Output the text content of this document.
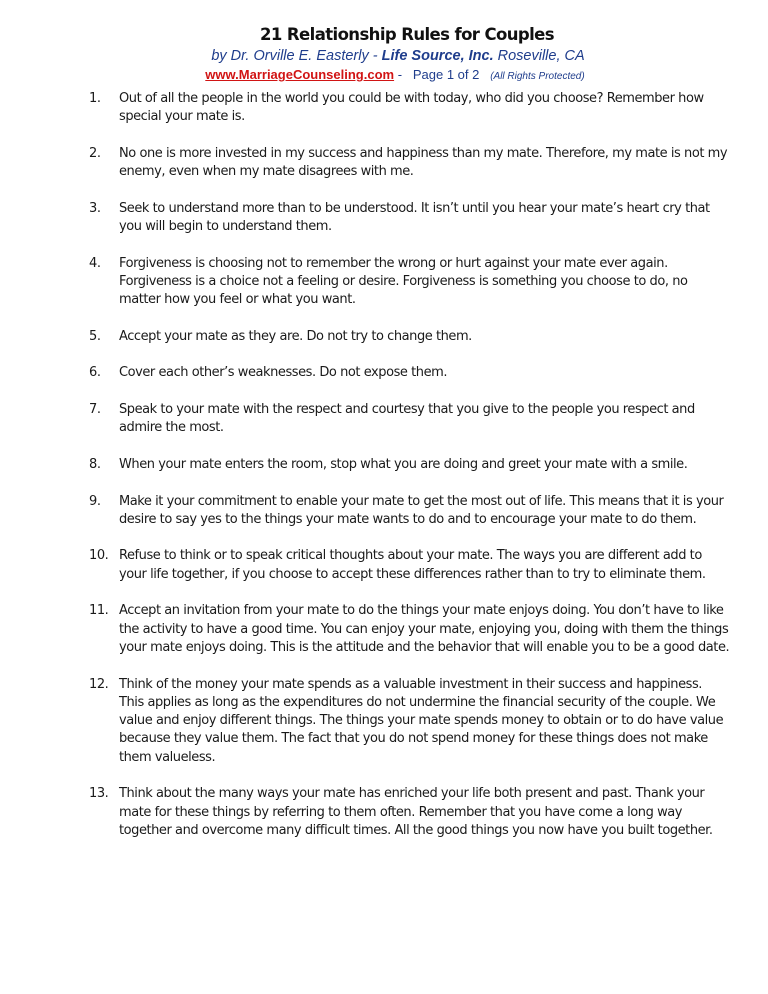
21 Relationship Rules for Couples
by Dr. Orville E. Easterly - Life Source, Inc. Roseville, CA
www.MarriageCounseling.com -   Page 1 of 2 (All Rights Protected)
1. Out of all the people in the world you could be with today, who did you choose? Remember how special your mate is.
2. No one is more invested in my success and happiness than my mate. Therefore, my mate is not my enemy, even when my mate disagrees with me.
3. Seek to understand more than to be understood. It isn’t until you hear your mate’s heart cry that you will begin to understand them.
4. Forgiveness is choosing not to remember the wrong or hurt against your mate ever again. Forgiveness is a choice not a feeling or desire. Forgiveness is something you choose to do, no matter how you feel or what you want.
5. Accept your mate as they are. Do not try to change them.
6. Cover each other’s weaknesses. Do not expose them.
7. Speak to your mate with the respect and courtesy that you give to the people you respect and admire the most.
8. When your mate enters the room, stop what you are doing and greet your mate with a smile.
9. Make it your commitment to enable your mate to get the most out of life. This means that it is your desire to say yes to the things your mate wants to do and to encourage your mate to do them.
10. Refuse to think or to speak critical thoughts about your mate. The ways you are different add to your life together, if you choose to accept these differences rather than to try to eliminate them.
11. Accept an invitation from your mate to do the things your mate enjoys doing. You don’t have to like the activity to have a good time. You can enjoy your mate, enjoying you, doing with them the things your mate enjoys doing. This is the attitude and the behavior that will enable you to be a good date.
12. Think of the money your mate spends as a valuable investment in their success and happiness. This applies as long as the expenditures do not undermine the financial security of the couple. We value and enjoy different things. The things your mate spends money to obtain or to do have value because they value them. The fact that you do not spend money for these things does not make them valueless.
13. Think about the many ways your mate has enriched your life both present and past. Thank your mate for these things by referring to them often. Remember that you have come a long way together and overcome many difficult times. All the good things you now have you built together.
